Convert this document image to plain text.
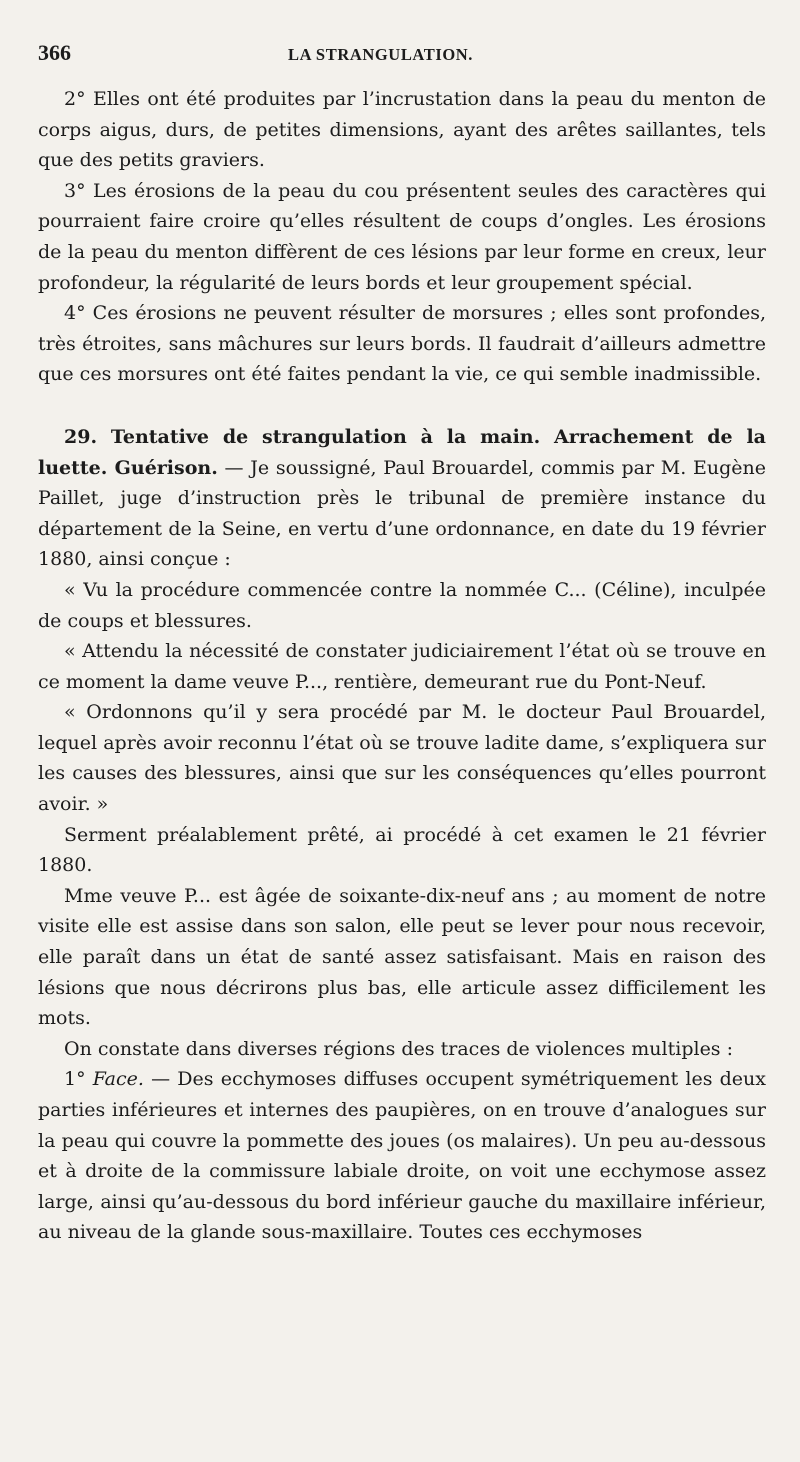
366	LA STRANGULATION.

2° Elles ont été produites par l’incrustation dans la peau du menton de corps aigus, durs, de petites dimensions, ayant des arêtes saillantes, tels que des petits graviers.

3° Les érosions de la peau du cou présentent seules des caractères qui pourraient faire croire qu’elles résultent de coups d’ongles. Les érosions de la peau du menton diffèrent de ces lésions par leur forme en creux, leur profondeur, la régularité de leurs bords et leur groupement spécial.

4° Ces érosions ne peuvent résulter de morsures ; elles sont profondes, très étroites, sans mâchures sur leurs bords. Il faudrait d’ailleurs admettre que ces morsures ont été faites pendant la vie, ce qui semble inadmissible.

29. Tentative de strangulation à la main. Arrachement de la luette. Guérison. — Je soussigné, Paul Brouardel, commis par M. Eugène Paillet, juge d’instruction près le tribunal de première instance du département de la Seine, en vertu d’une ordonnance, en date du 19 février 1880, ainsi conçue :

« Vu la procédure commencée contre la nommée C... (Céline), inculpée de coups et blessures.

« Attendu la nécessité de constater judiciairement l’état où se trouve en ce moment la dame veuve P..., rentière, demeurant rue du Pont-Neuf.

« Ordonnons qu’il y sera procédé par M. le docteur Paul Brouardel, lequel après avoir reconnu l’état où se trouve ladite dame, s’expliquera sur les causes des blessures, ainsi que sur les conséquences qu’elles pourront avoir. »

Serment préalablement prêté, ai procédé à cet examen le 21 février 1880.

Mme veuve P... est âgée de soixante-dix-neuf ans ; au moment de notre visite elle est assise dans son salon, elle peut se lever pour nous recevoir, elle paraît dans un état de santé assez satisfaisant. Mais en raison des lésions que nous décrirons plus bas, elle articule assez difficilement les mots.

On constate dans diverses régions des traces de violences multiples :

1° Face. — Des ecchymoses diffuses occupent symétriquement les deux parties inférieures et internes des paupières, on en trouve d’analogues sur la peau qui couvre la pommette des joues (os malaires). Un peu au-dessous et à droite de la commissure labiale droite, on voit une ecchymose assez large, ainsi qu’au-dessous du bord inférieur gauche du maxillaire inférieur, au niveau de la glande sous-maxillaire. Toutes ces ecchymoses
